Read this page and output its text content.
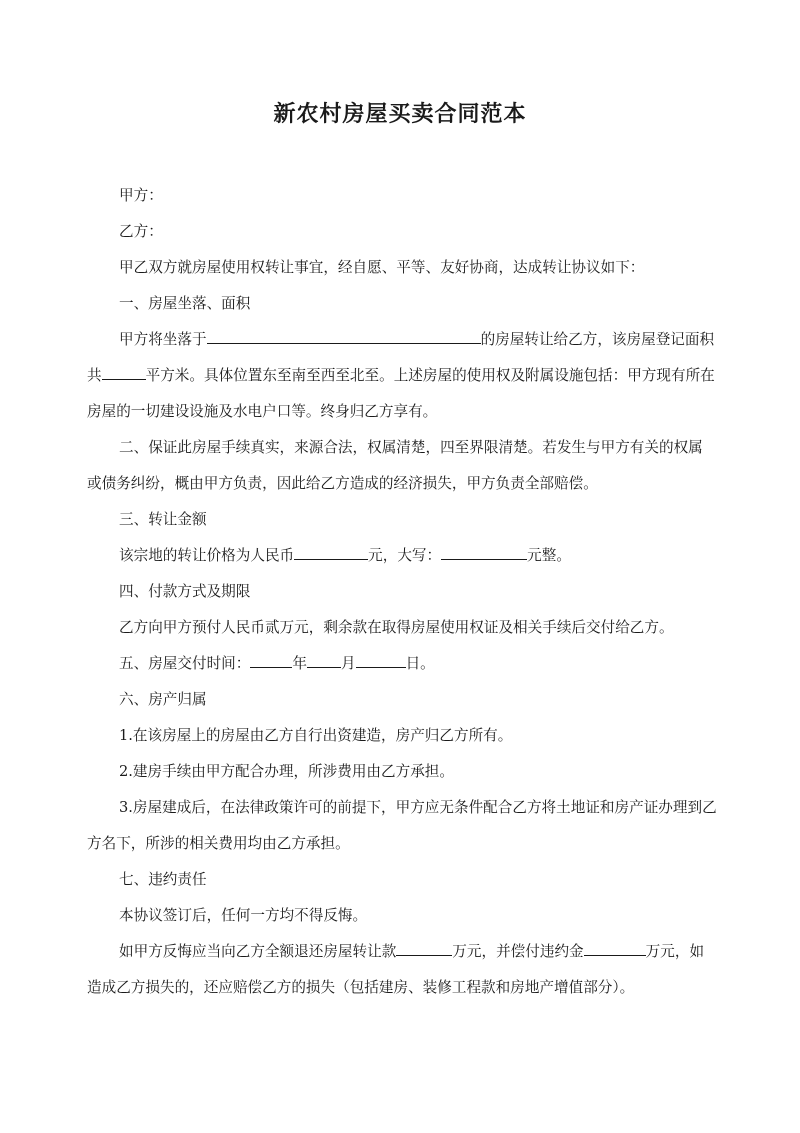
新农村房屋买卖合同范本

甲方：

乙方：

甲乙双方就房屋使用权转让事宜，经自愿、平等、友好协商，达成转让协议如下：

一、房屋坐落、面积

甲方将坐落于	的房屋转让给乙方，该房屋登记面积共	平方米。具体位置东至南至西至北至。上述房屋的使用权及附属设施包括：甲方现有所在房屋的一切建设设施及水电户口等。终身归乙方享有。

二、保证此房屋手续真实，来源合法，权属清楚，四至界限清楚。若发生与甲方有关的权属或债务纠纷，概由甲方负责，因此给乙方造成的经济损失，甲方负责全部赔偿。

三、转让金额

该宗地的转让价格为人民币	元，大写：	元整。

四、付款方式及期限

乙方向甲方预付人民币贰万元，剩余款在取得房屋使用权证及相关手续后交付给乙方。

五、房屋交付时间：	年 月	日。

六、房产归属

1.在该房屋上的房屋由乙方自行出资建造，房产归乙方所有。

2.建房手续由甲方配合办理，所涉费用由乙方承担。

3.房屋建成后，在法律政策许可的前提下，甲方应无条件配合乙方将土地证和房产证办理到乙方名下，所涉的相关费用均由乙方承担。

七、违约责任

本协议签订后，任何一方均不得反悔。

如甲方反悔应当向乙方全额退还房屋转让款	万元，并偿付违约金	万元，如造成乙方损失的，还应赔偿乙方的损失（包括建房、装修工程款和房地产增值部分）。
